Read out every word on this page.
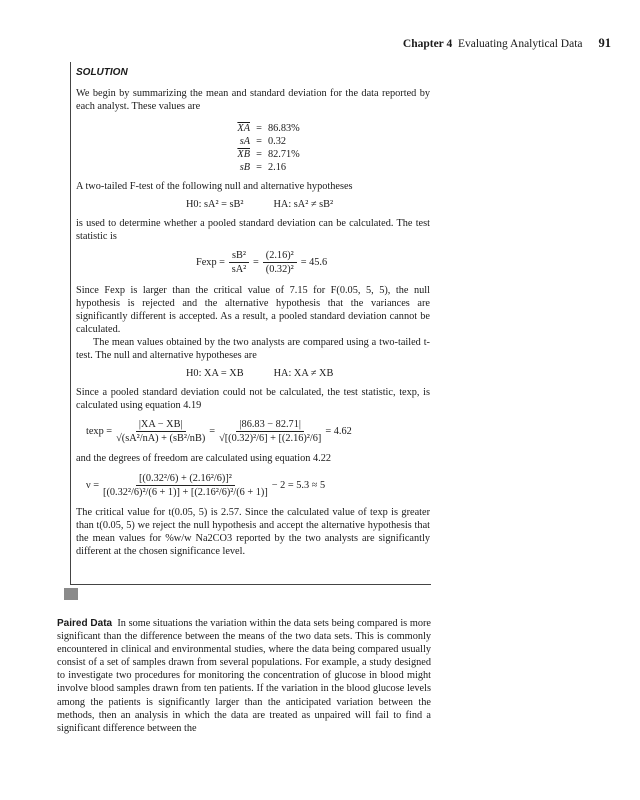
Chapter 4
Evaluating Analytical Data 91
SOLUTION

We begin by summarizing the mean and standard deviation for the data reported by each analyst. These values are

$\overline{XA} = 86.83\%$
sA = 0.32
$\overline{XB} = 82.71\%$
sB = 2.16

A two-tailed F-test of the following null and alternative hypotheses

H0: sA² = sB²	HA: sA² ≠ sB²

is used to determine whether a pooled standard deviation can be calculated. The test statistic is

$Fexp = \frac{\text{sB²}}{\text{sA²}} = \frac{\text{(2.16)²}}{\text{(0.32)²}} = 45.6$

Since Fexp is larger than the critical value of 7.15 for F(0.05, 5, 5), the null hypothesis is rejected and the alternative hypothesis that the variances are significantly different is accepted. As a result, a pooled standard deviation cannot be calculated.

The mean values obtained by the two analysts are compared using a two-tailed t-test. The null and alternative hypotheses are

H0: XA = XB	HA: XA ≠ XB

Since a pooled standard deviation could not be calculated, the test statistic, texp, is calculated using equation 4.19

$texp = \frac{|XA - XB|}{\text{√(sA²/nA) + (sB²/nB)}} = \frac{|86.83 - 82.71|}{\text{√[(0.32)²/6] + [(2.16)²/6]}} = 4.62$

and the degrees of freedom are calculated using equation 4.22

$\nu = \frac{\text{[(0.32²/6) + (2.16²/6)]²}}{\text{[(0.32²/6)²/(6 + 1)] + [(2.16²/6)²/(6 + 1)]}} - 2 = 5.3 \approx 5$

The critical value for t(0.05, 5) is 2.57. Since the calculated value of texp is greater than t(0.05, 5) we reject the null hypothesis and accept the alternative hypothesis that the mean values for %w/w Na2CO3 reported by the two analysts are significantly different at the chosen significance level.

Paired Data In some situations the variation within the data sets being compared is more significant than the difference between the means of the two data sets. This is commonly encountered in clinical and environmental studies, where the data being compared usually consist of a set of samples drawn from several populations. For example, a study designed to investigate two procedures for monitoring the concentration of glucose in blood might involve blood samples drawn from ten patients. If the variation in the blood glucose levels among the patients is significantly larger than the anticipated variation between the methods, then an analysis in which the data are treated as unpaired will fail to find a significant difference between the
